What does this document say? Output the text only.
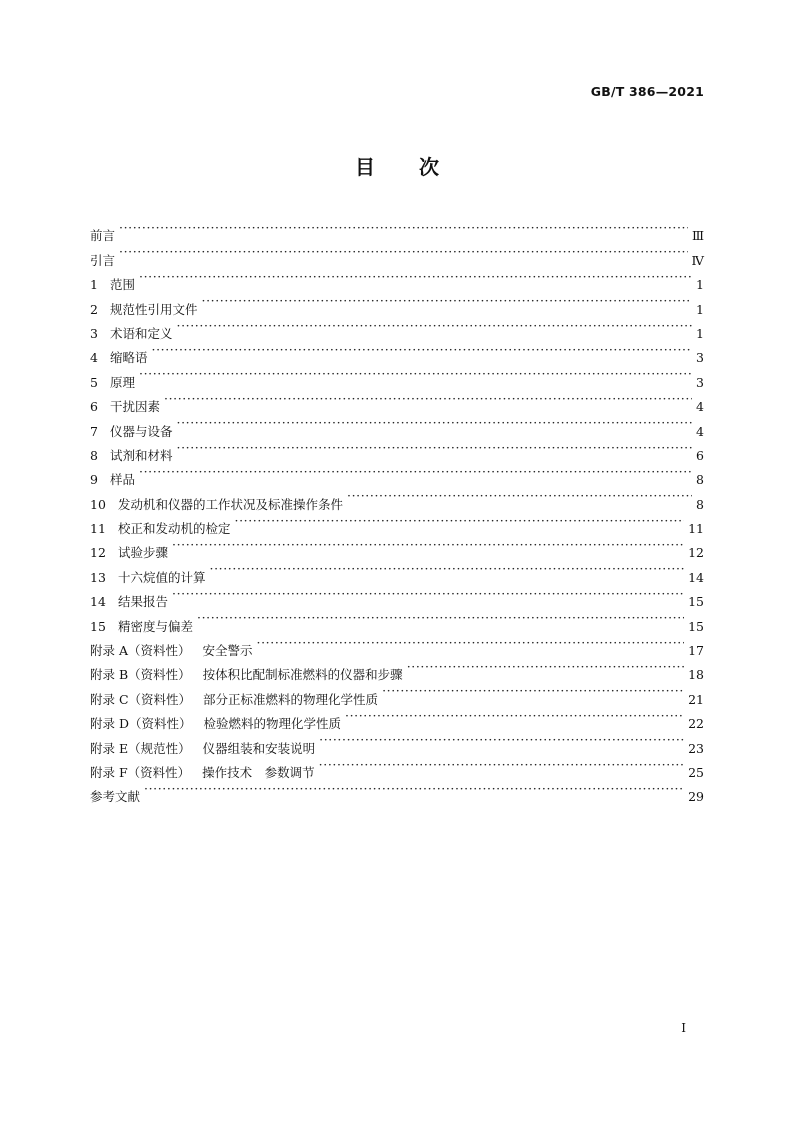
GB/T 386—2021
目次
前言 ·····	Ⅲ
引言 ·····	Ⅳ
1 范围 ·····	1
2 规范性引用文件 ·····	1
3 术语和定义 ·····	1
4 缩略语 ·····	3
5 原理 ·····	3
6 干扰因素 ·····	4
7 仪器与设备 ·····	4
8 试剂和材料 ·····	6
9 样品 ·····	8
10 发动机和仪器的工作状况及标准操作条件 ·····	8
11 校正和发动机的检定 ·····	11
12 试验步骤 ·····	12
13 十六烷值的计算 ·····	14
14 结果报告 ·····	15
15 精密度与偏差 ·····	15
附录 A（资料性） 安全警示 ·····	17
附录 B（资料性） 按体积比配制标准燃料的仪器和步骤 ·····	18
附录 C（资料性） 部分正标准燃料的物理化学性质 ·····	21
附录 D（资料性） 检验燃料的物理化学性质 ·····	22
附录 E（规范性） 仪器组装和安装说明 ·····	23
附录 F（资料性） 操作技术　参数调节 ·····	25
参考文献 ·····	29
Ⅰ
